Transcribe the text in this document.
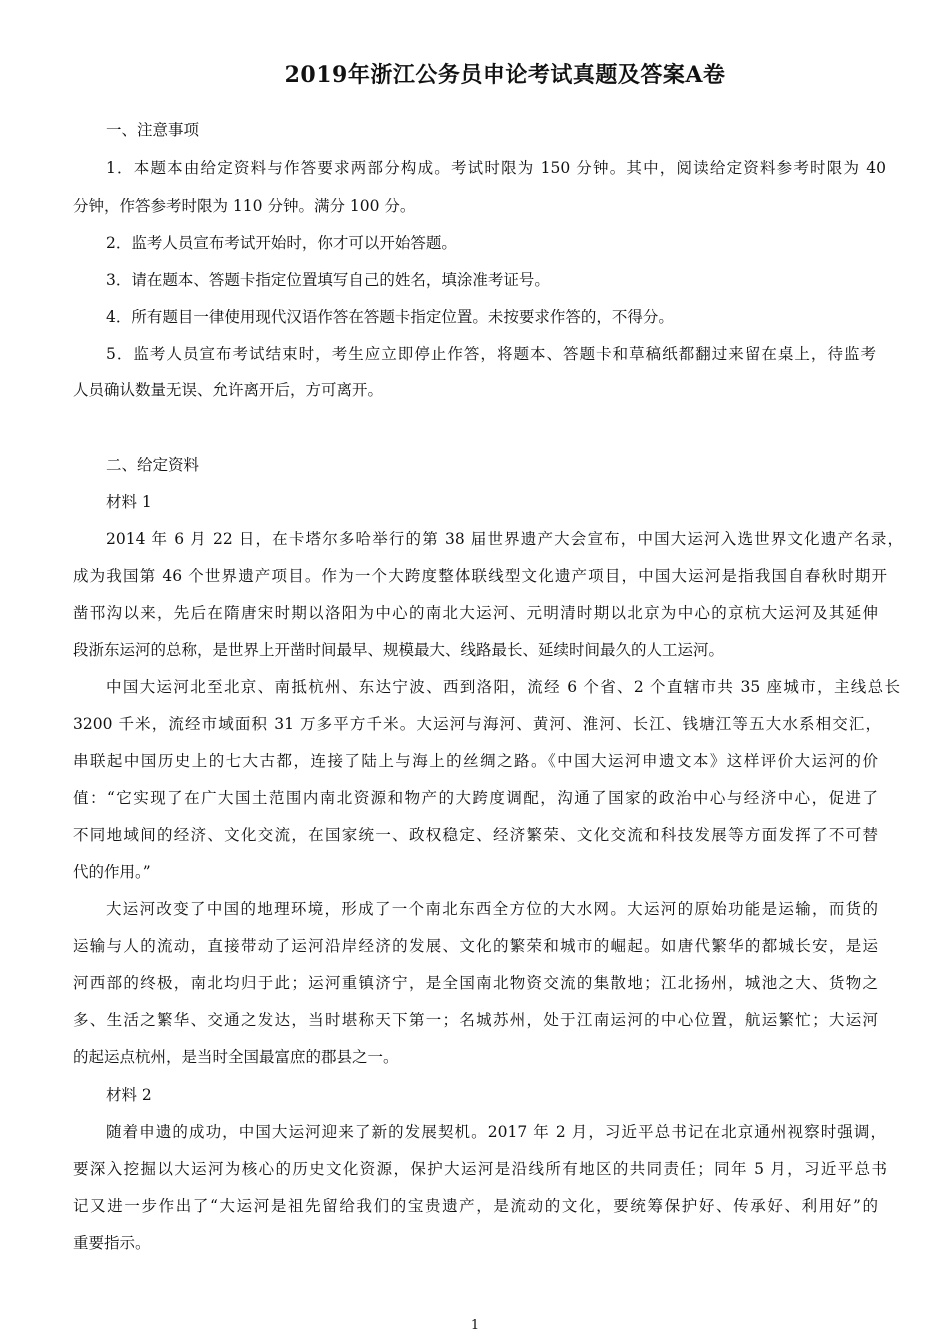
2019年浙江公务员申论考试真题及答案A卷
一、注意事项
1．本题本由给定资料与作答要求两部分构成。考试时限为 150 分钟。其中，阅读给定资料参考时限为 40
分钟，作答参考时限为 110 分钟。满分 100 分。
2．监考人员宣布考试开始时，你才可以开始答题。
3．请在题本、答题卡指定位置填写自己的姓名，填涂准考证号。
4．所有题目一律使用现代汉语作答在答题卡指定位置。未按要求作答的，不得分。
5．监考人员宣布考试结束时，考生应立即停止作答，将题本、答题卡和草稿纸都翻过来留在桌上，待监考
人员确认数量无误、允许离开后，方可离开。
二、给定资料
材料 1
2014 年 6 月 22 日，在卡塔尔多哈举行的第 38 届世界遗产大会宣布，中国大运河入选世界文化遗产名录，
成为我国第 46 个世界遗产项目。作为一个大跨度整体联线型文化遗产项目，中国大运河是指我国自春秋时期开
凿邗沟以来，先后在隋唐宋时期以洛阳为中心的南北大运河、元明清时期以北京为中心的京杭大运河及其延伸
段浙东运河的总称，是世界上开凿时间最早、规模最大、线路最长、延续时间最久的人工运河。
中国大运河北至北京、南抵杭州、东达宁波、西到洛阳，流经 6 个省、2 个直辖市共 35 座城市，主线总长
3200 千米，流经市域面积 31 万多平方千米。大运河与海河、黄河、淮河、长江、钱塘江等五大水系相交汇，
串联起中国历史上的七大古都，连接了陆上与海上的丝绸之路。《中国大运河申遗文本》这样评价大运河的价
值：“它实现了在广大国土范围内南北资源和物产的大跨度调配，沟通了国家的政治中心与经济中心，促进了
不同地域间的经济、文化交流，在国家统一、政权稳定、经济繁荣、文化交流和科技发展等方面发挥了不可替
代的作用。”
大运河改变了中国的地理环境，形成了一个南北东西全方位的大水网。大运河的原始功能是运输，而货的
运输与人的流动，直接带动了运河沿岸经济的发展、文化的繁荣和城市的崛起。如唐代繁华的都城长安，是运
河西部的终极，南北均归于此；运河重镇济宁，是全国南北物资交流的集散地；江北扬州，城池之大、货物之
多、生活之繁华、交通之发达，当时堪称天下第一；名城苏州，处于江南运河的中心位置，航运繁忙；大运河
的起运点杭州，是当时全国最富庶的郡县之一。
材料 2
随着申遗的成功，中国大运河迎来了新的发展契机。2017 年 2 月，习近平总书记在北京通州视察时强调，
要深入挖掘以大运河为核心的历史文化资源，保护大运河是沿线所有地区的共同责任；同年 5 月，习近平总书
记又进一步作出了“大运河是祖先留给我们的宝贵遗产，是流动的文化，要统筹保护好、传承好、利用好”的
重要指示。
1
